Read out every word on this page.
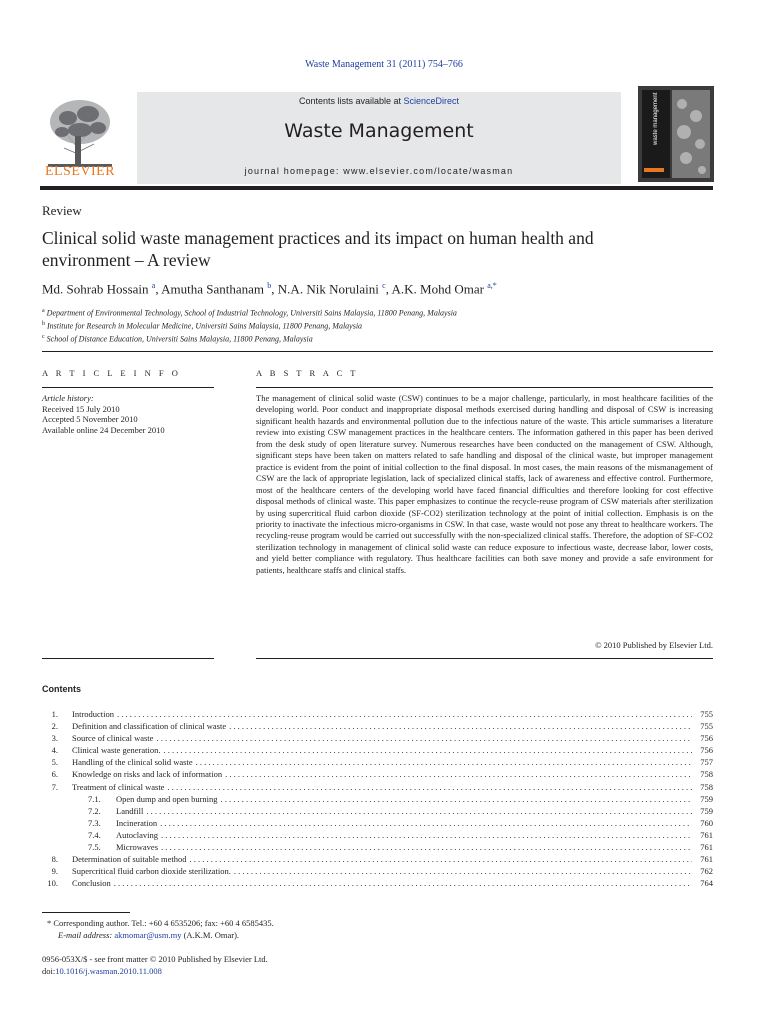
Waste Management 31 (2011) 754–766
ELSEVIER
Contents lists available at ScienceDirect
Waste Management
journal homepage: www.elsevier.com/locate/wasman
waste management
Review
Clinical solid waste management practices and its impact on human health and environment – A review
Md. Sohrab Hossain $^a$, Amutha Santhanam $^b$, N.A. Nik Norulaini $^c$, A.K. Mohd Omar $^{a,*}$
$^a$ Department of Environmental Technology, School of Industrial Technology, Universiti Sains Malaysia, 11800 Penang, Malaysia
$^b$ Institute for Research in Molecular Medicine, Universiti Sains Malaysia, 11800 Penang, Malaysia
$^c$ School of Distance Education, Universiti Sains Malaysia, 11800 Penang, Malaysia
A R T I C L E I N F O
Article history:
Received 15 July 2010
Accepted 5 November 2010
Available online 24 December 2010
A B S T R A C T
The management of clinical solid waste (CSW) continues to be a major challenge, particularly, in most healthcare facilities of the developing world. Poor conduct and inappropriate disposal methods exercised during handling and disposal of CSW is increasing significant health hazards and environmental pollution due to the infectious nature of the waste. This article summarises a literature review into existing CSW management practices in the healthcare centers. The information gathered in this paper has been derived from the desk study of open literature survey. Numerous researches have been conducted on the management of CSW. Although, significant steps have been taken on matters related to safe handling and disposal of the clinical waste, but improper management practice is evident from the point of initial collection to the final disposal. In most cases, the main reasons of the mismanagement of CSW are the lack of appropriate legislation, lack of specialized clinical staffs, lack of awareness and effective control. Furthermore, most of the healthcare centers of the developing world have faced financial difficulties and therefore looking for cost effective disposal methods of clinical waste. This paper emphasizes to continue the recycle-reuse program of CSW materials after sterilization by using supercritical fluid carbon dioxide (SF-CO2) sterilization technology at the point of initial collection. Emphasis is on the priority to inactivate the infectious micro-organisms in CSW. In that case, waste would not pose any threat to healthcare workers. The recycling-reuse program would be carried out successfully with the non-specialized clinical staffs. Therefore, the adoption of SF-CO2 sterilization technology in management of clinical solid waste can reduce exposure to infectious waste, decrease labor, lower costs, and yield better compliance with regulatory. Thus healthcare facilities can both save money and provide a safe environment for patients, healthcare staffs and clinical staffs.
© 2010 Published by Elsevier Ltd.
Contents
1. Introduction . . .	755
2. Definition and classification of clinical waste . . .	755
3. Source of clinical waste . . .	756
4. Clinical waste generation. . . .	756
5. Handling of the clinical solid waste . . .	757
6. Knowledge on risks and lack of information . . .	758
7. Treatment of clinical waste . . .	758
7.1.	Open dump and open burning . . .	759
7.2.	Landfill . . .	759
7.3.	Incineration . . .	760
7.4.	Autoclaving . . .	761
7.5.	Microwaves . . .	761
8. Determination of suitable method . . .	761
9. Supercritical fluid carbon dioxide sterilization. . . .	762
10. Conclusion . . .	764
* Corresponding author. Tel.: +60 4 6535206; fax: +60 4 6585435.
E-mail address: akmomar@usm.my (A.K.M. Omar).
0956-053X/$ - see front matter © 2010 Published by Elsevier Ltd.
doi:10.1016/j.wasman.2010.11.008
